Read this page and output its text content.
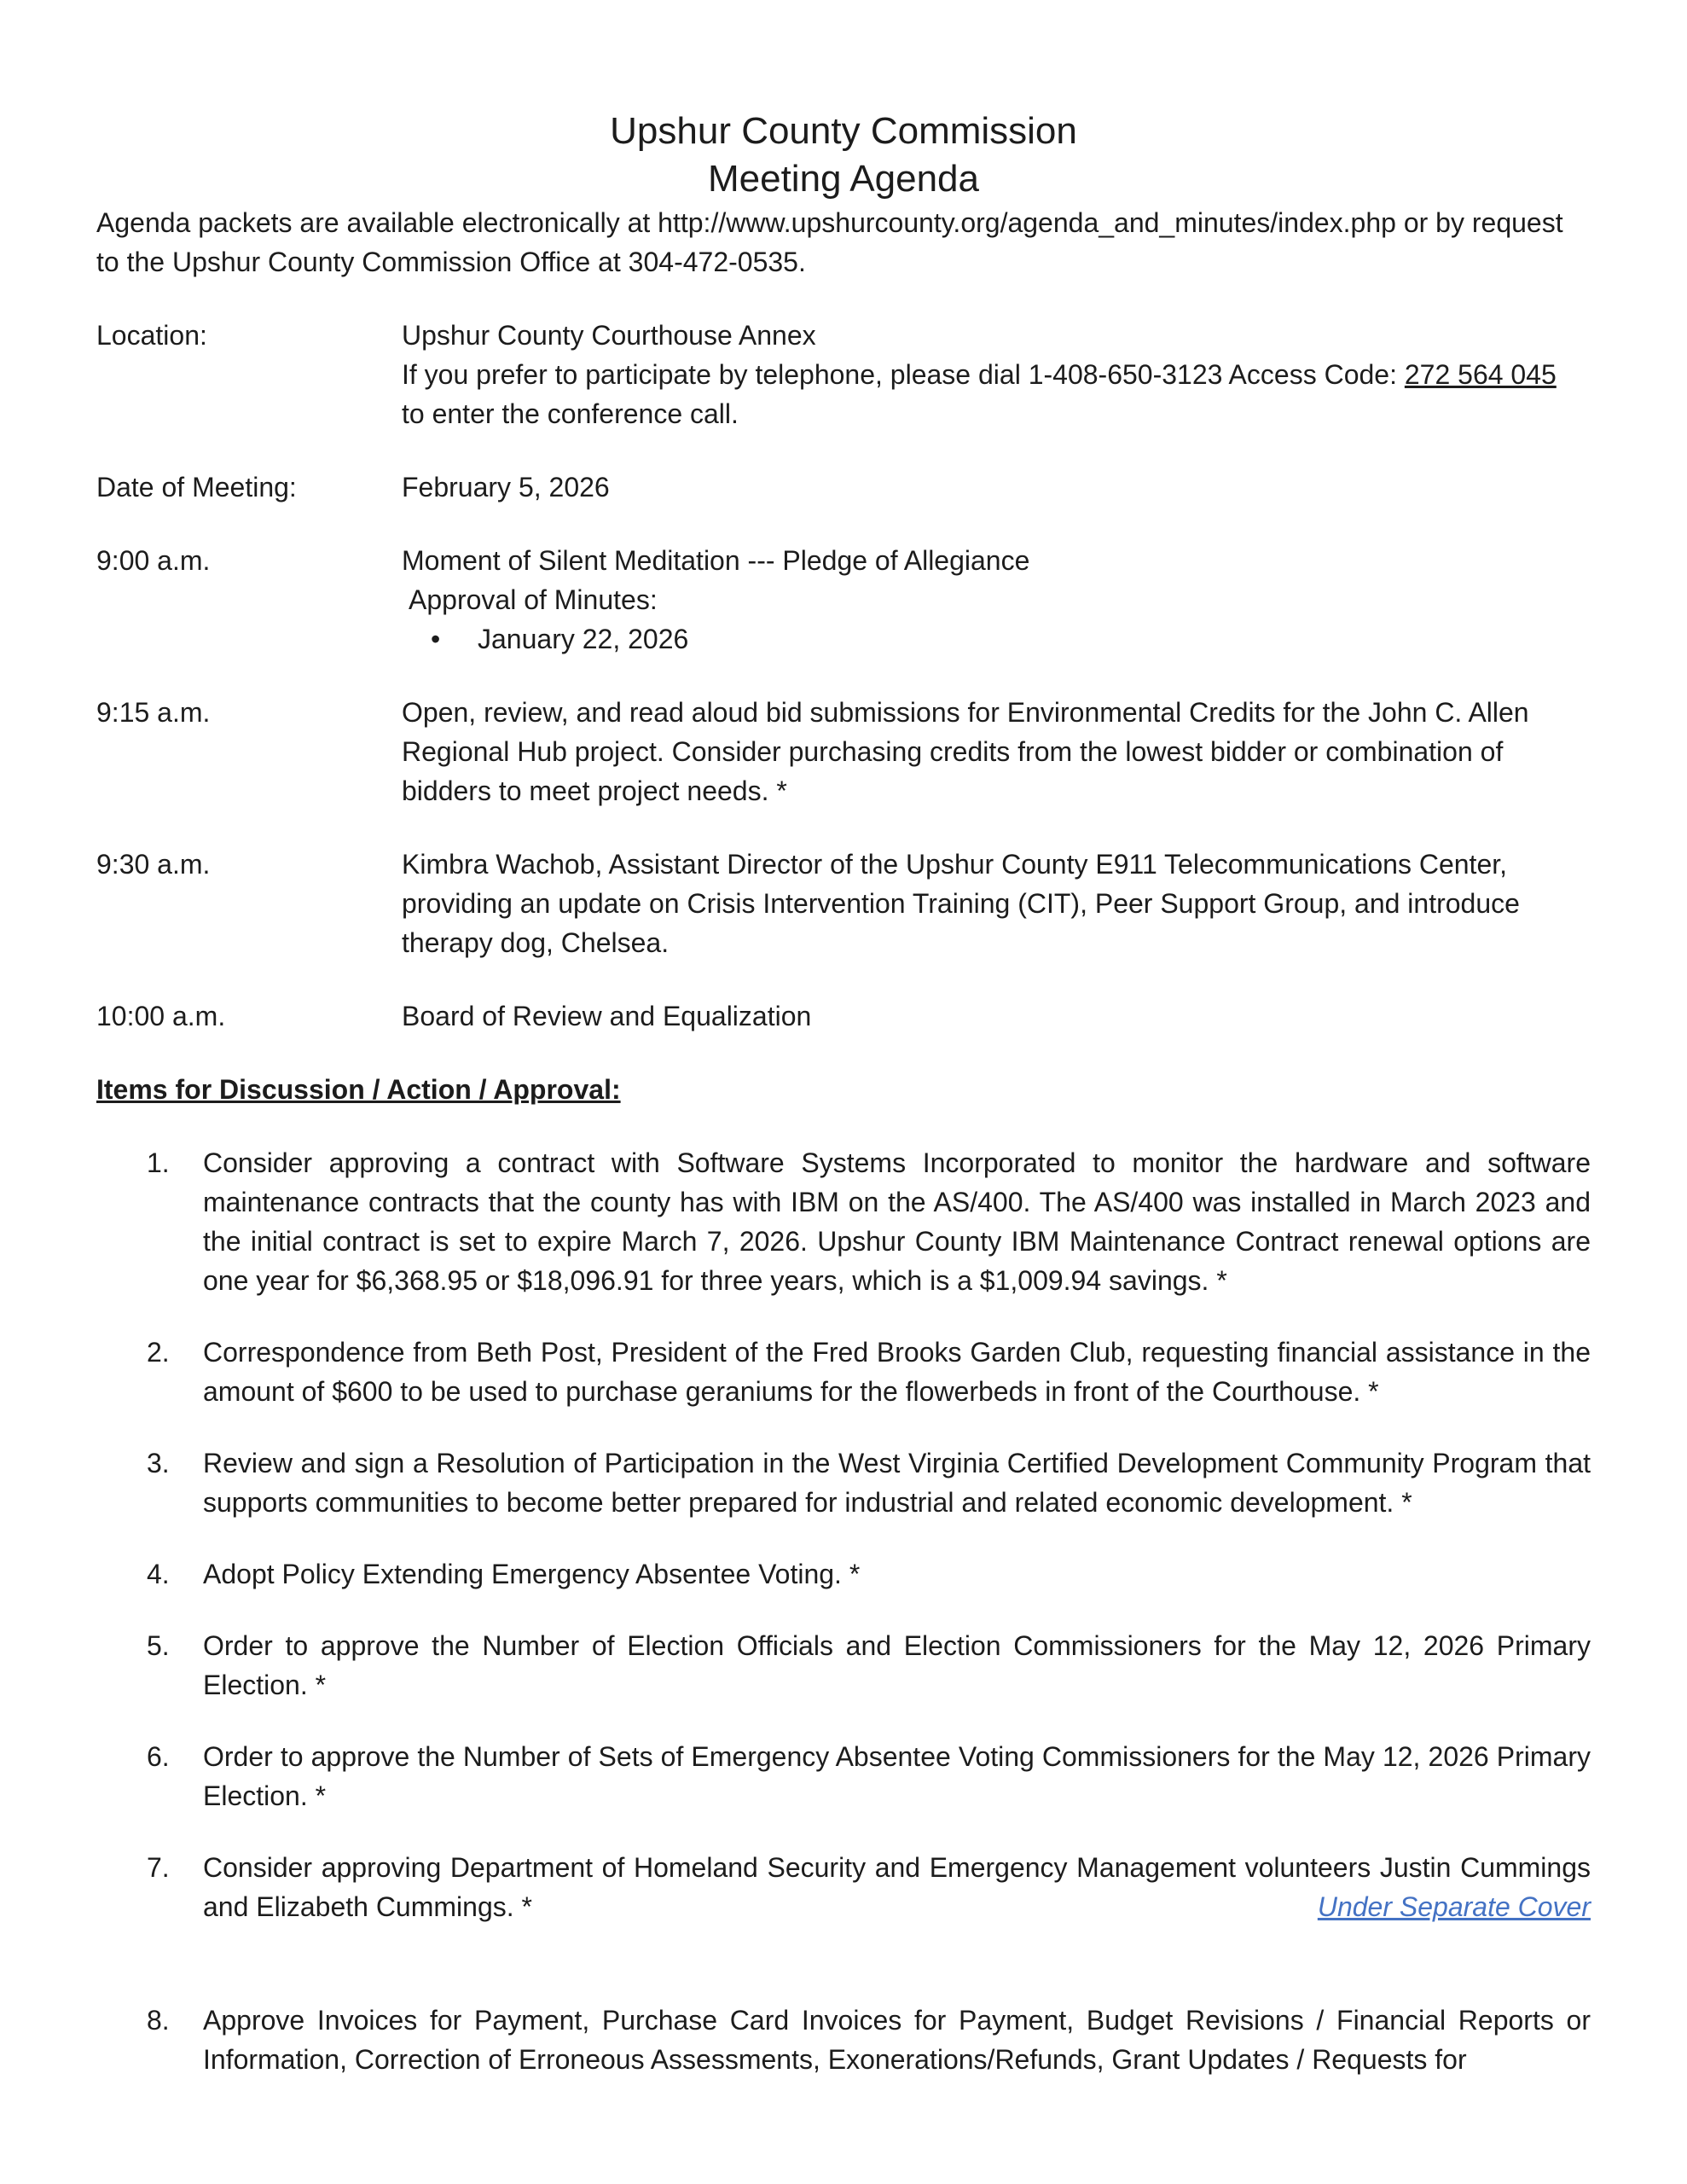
Upshur County Commission
Meeting Agenda
Agenda packets are available electronically at http://www.upshurcounty.org/agenda_and_minutes/index.php or by request to the Upshur County Commission Office at 304-472-0535.
Location:	Upshur County Courthouse Annex
If you prefer to participate by telephone, please dial 1-408-650-3123 Access Code: 272 564 045
to enter the conference call.
Date of Meeting:	February 5, 2026
9:00 a.m.	Moment of Silent Meditation --- Pledge of Allegiance
Approval of Minutes:
•	January 22, 2026
9:15 a.m.	Open, review, and read aloud bid submissions for Environmental Credits for the John C. Allen Regional Hub project. Consider purchasing credits from the lowest bidder or combination of bidders to meet project needs. *
9:30 a.m.	Kimbra Wachob, Assistant Director of the Upshur County E911 Telecommunications Center, providing an update on Crisis Intervention Training (CIT), Peer Support Group, and introduce therapy dog, Chelsea.
10:00 a.m.	Board of Review and Equalization
Items for Discussion / Action / Approval:
1.	Consider approving a contract with Software Systems Incorporated to monitor the hardware and software maintenance contracts that the county has with IBM on the AS/400. The AS/400 was installed in March 2023 and the initial contract is set to expire March 7, 2026. Upshur County IBM Maintenance Contract renewal options are one year for $6,368.95 or $18,096.91 for three years, which is a $1,009.94 savings. *
2.	Correspondence from Beth Post, President of the Fred Brooks Garden Club, requesting financial assistance in the amount of $600 to be used to purchase geraniums for the flowerbeds in front of the Courthouse. *
3.	Review and sign a Resolution of Participation in the West Virginia Certified Development Community Program that supports communities to become better prepared for industrial and related economic development. *
4.	Adopt Policy Extending Emergency Absentee Voting. *
5.	Order to approve the Number of Election Officials and Election Commissioners for the May 12, 2026 Primary Election. *
6.	Order to approve the Number of Sets of Emergency Absentee Voting Commissioners for the May 12, 2026 Primary Election. *
7.	Consider approving Department of Homeland Security and Emergency Management volunteers Justin Cummings and Elizabeth Cummings. *	Under Separate Cover
8.	Approve Invoices for Payment, Purchase Card Invoices for Payment, Budget Revisions / Financial Reports or Information, Correction of Erroneous Assessments, Exonerations/Refunds, Grant Updates / Requests for
